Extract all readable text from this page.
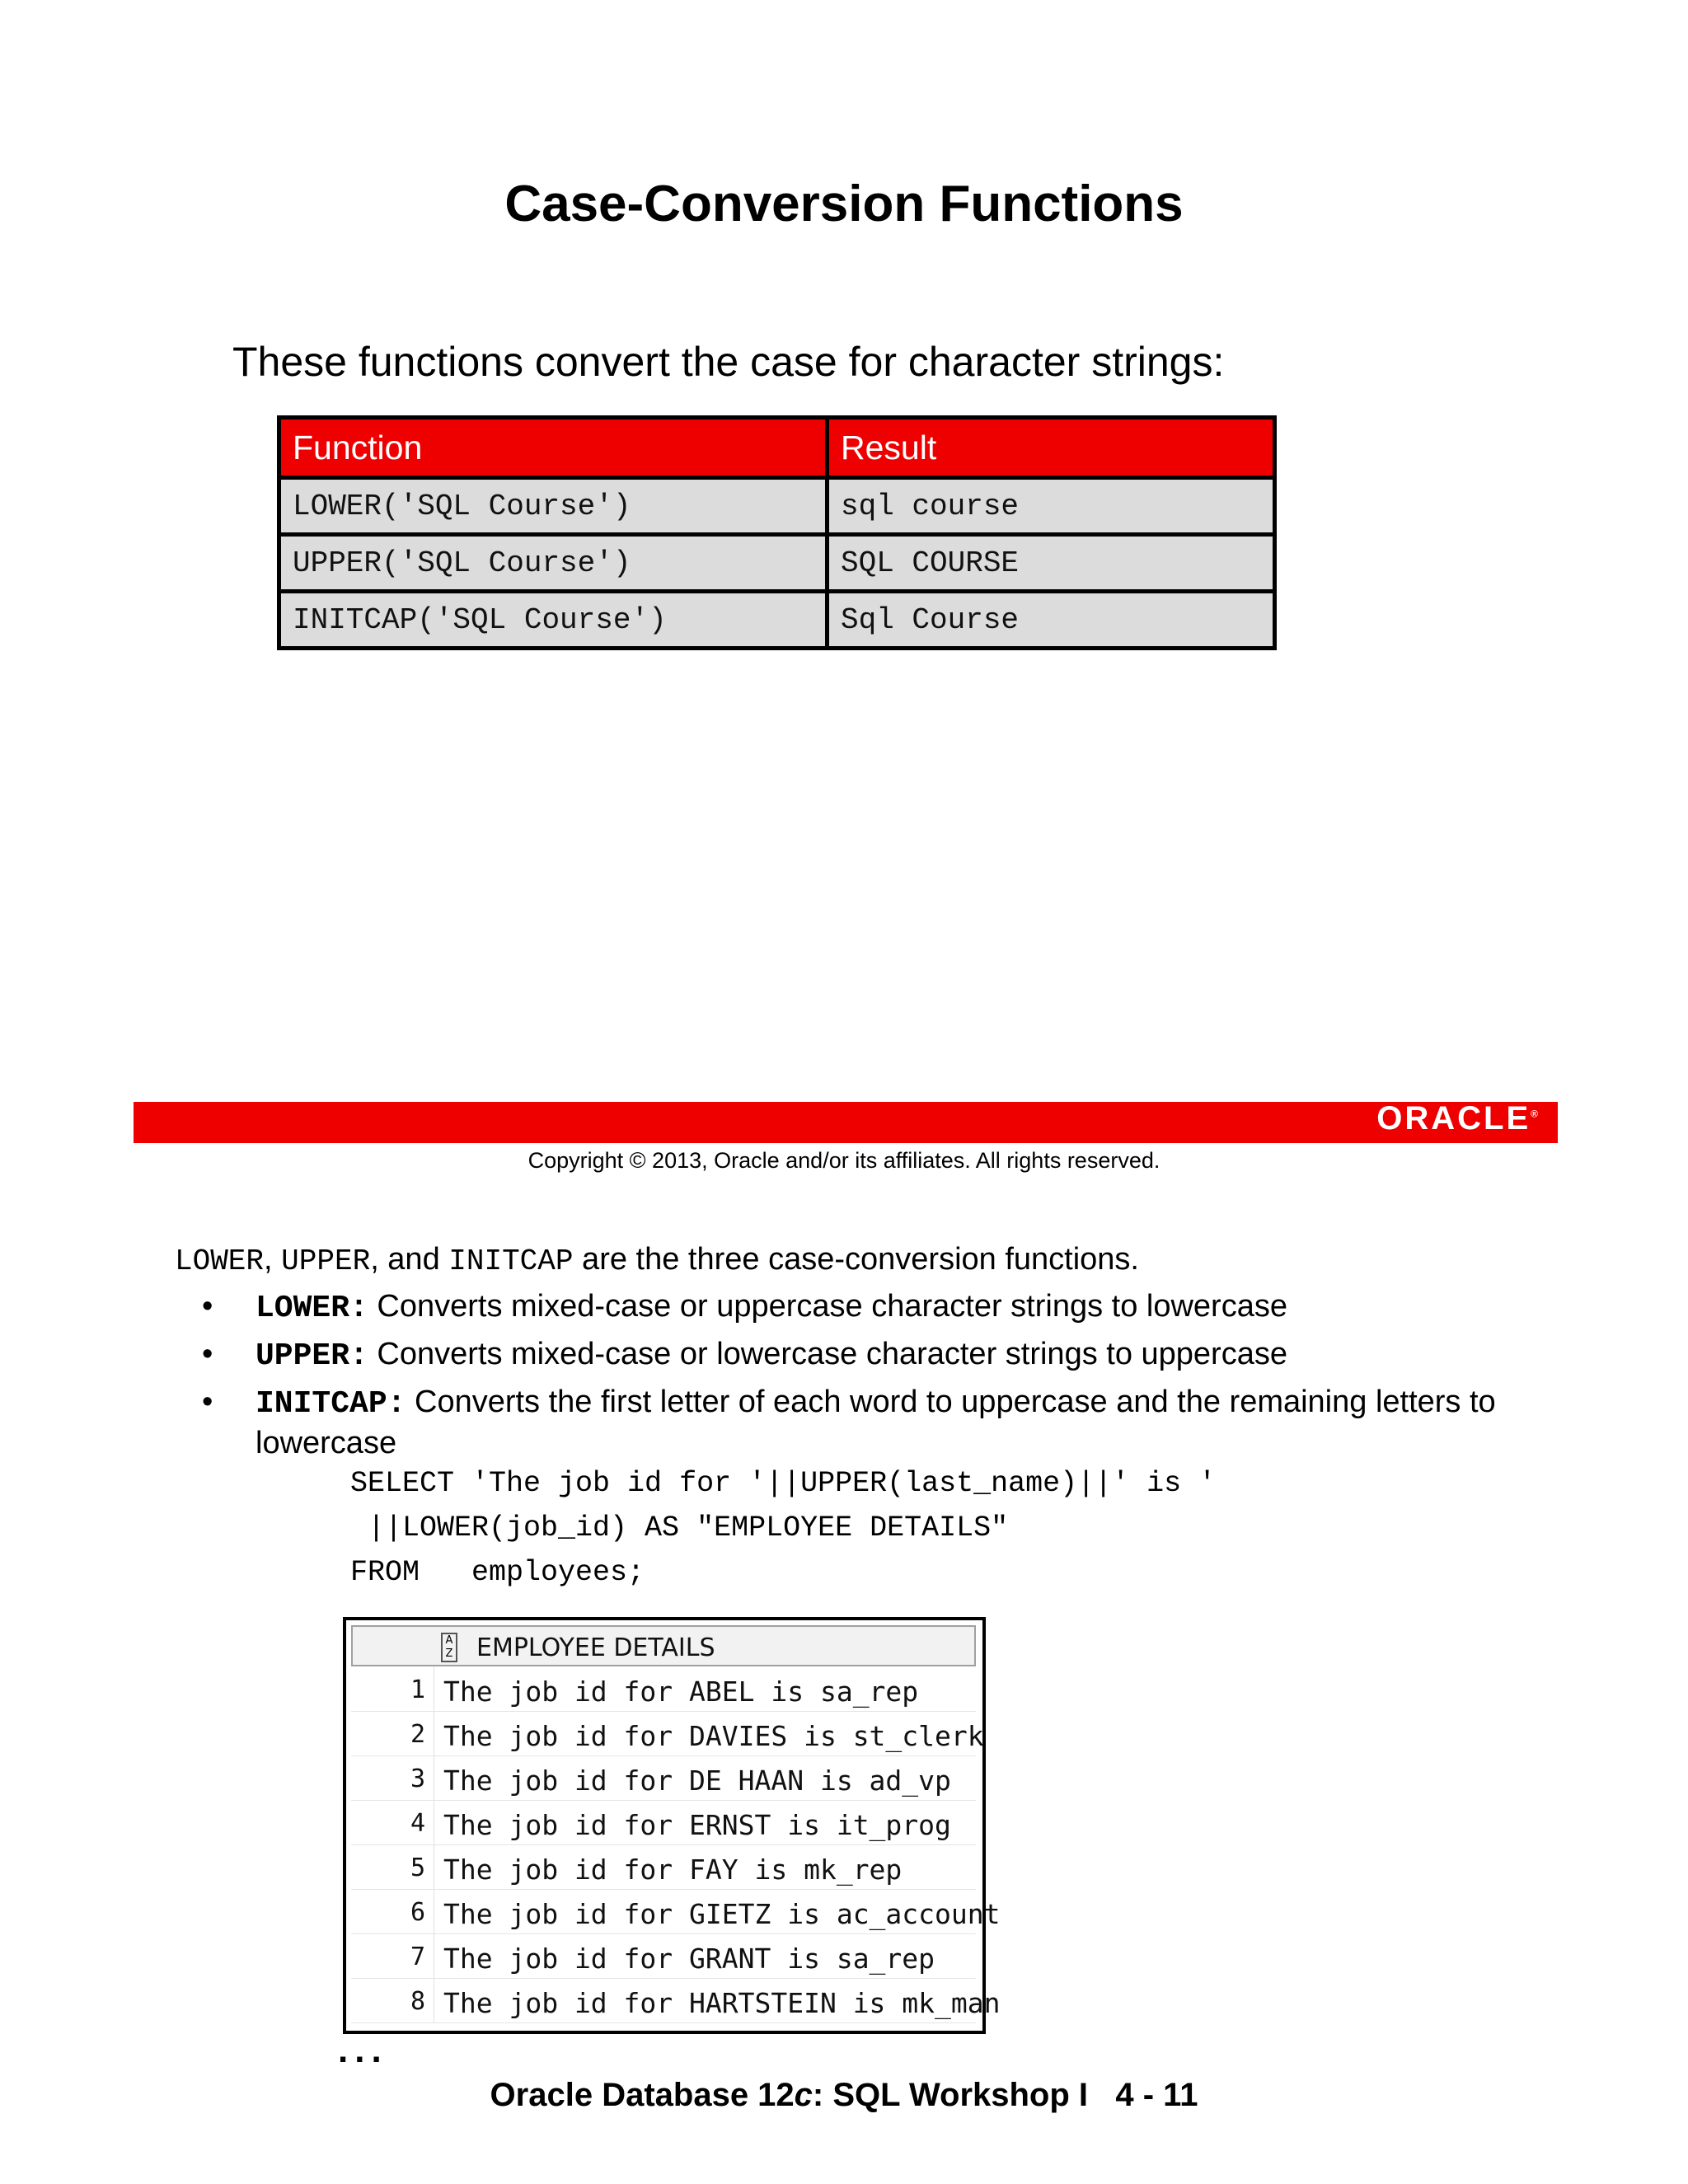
Case-Conversion Functions
These functions convert the case for character strings:
Function	Result
LOWER('SQL Course')	sql course
UPPER('SQL Course')	SQL COURSE
INITCAP('SQL Course')	Sql Course
ORACLE®
Copyright © 2013, Oracle and/or its affiliates. All rights reserved.
LOWER, UPPER, and INITCAP are the three case-conversion functions.
• LOWER: Converts mixed-case or uppercase character strings to lowercase
• UPPER: Converts mixed-case or lowercase character strings to uppercase
• INITCAP: Converts the first letter of each word to uppercase and the remaining letters to lowercase
SELECT 'The job id for '||UPPER(last_name)||' is '
||LOWER(job_id) AS "EMPLOYEE DETAILS"
FROM   employees;
A
Z EMPLOYEE DETAILS
1 The job id for ABEL is sa_rep
2 The job id for DAVIES is st_clerk
3 The job id for DE HAAN is ad_vp
4 The job id for ERNST is it_prog
5 The job id for FAY is mk_rep
6 The job id for GIETZ is ac_account
7 The job id for GRANT is sa_rep
8 The job id for HARTSTEIN is mk_man
...
Oracle Database 12c: SQL Workshop I   4 - 11
